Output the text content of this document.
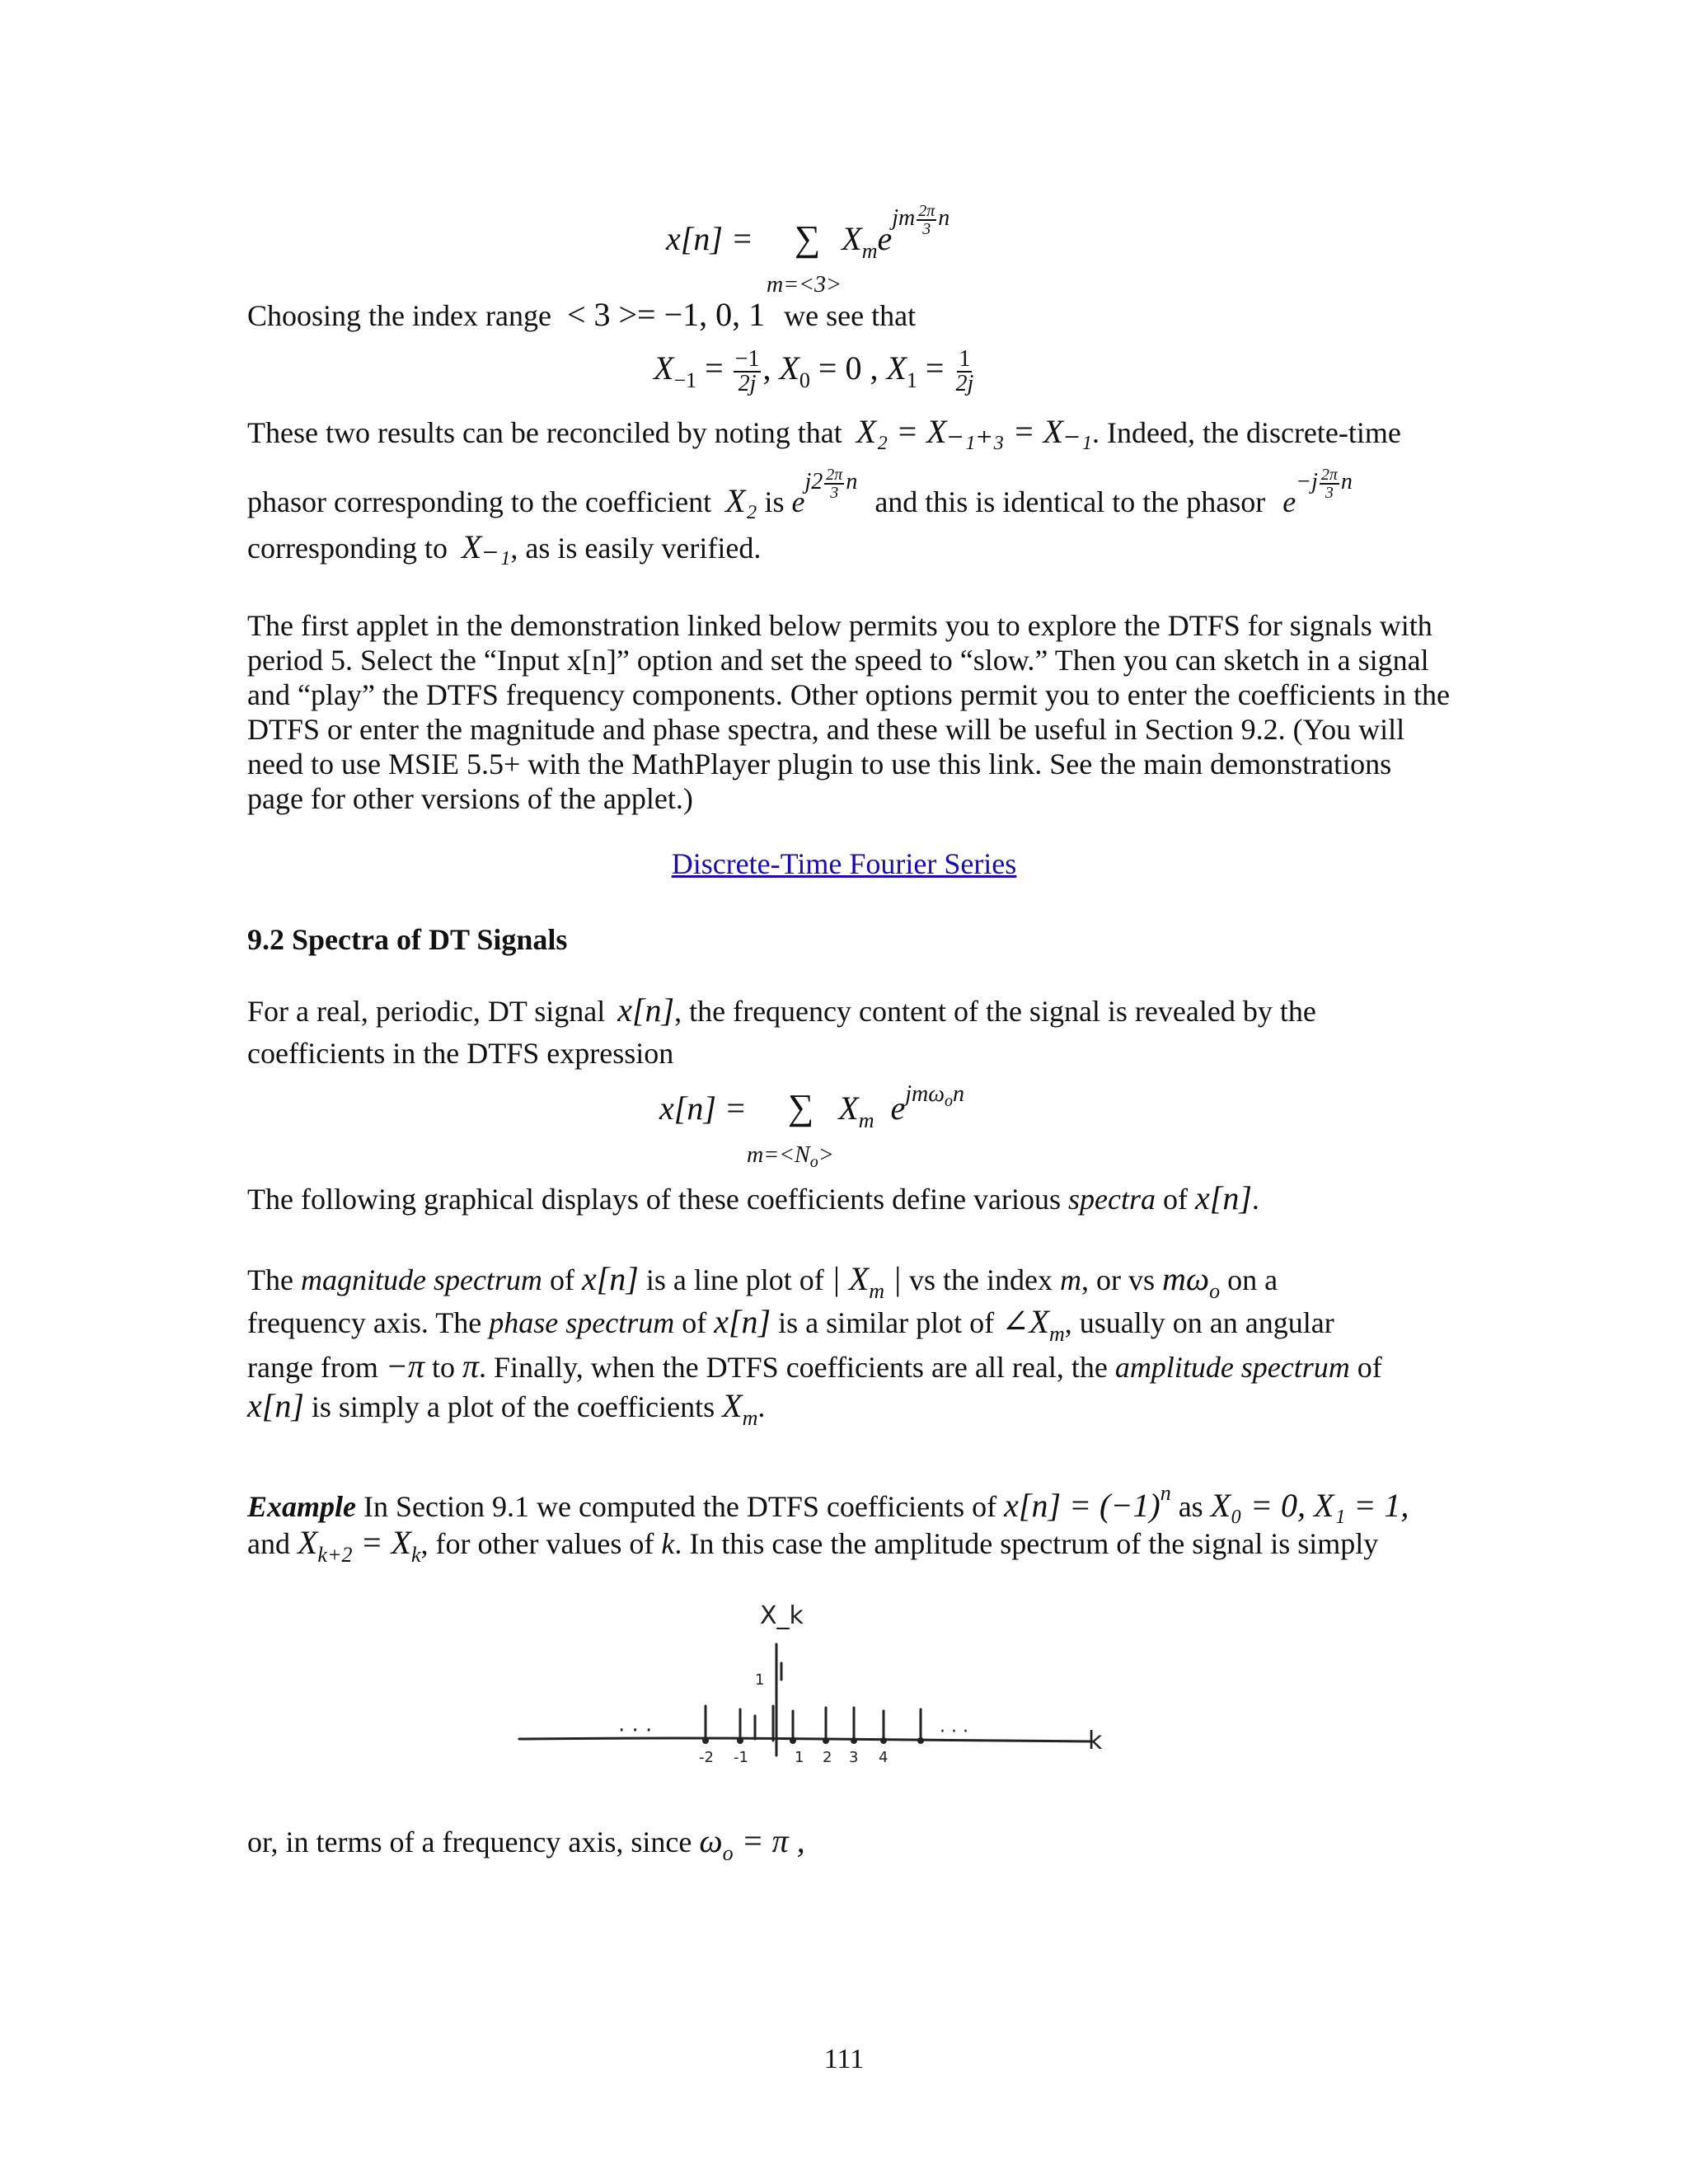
x[n] = ∑ $X_me^{jm \frac{2\pi}{3} n}$
m=<3>
Choosing the index range < 3 >= −1, 0, 1 we see that
$X_{-1} = \frac{-1}{2j}$ , $X_0 = 0$ , $X_1 = \frac{1}{2j}$
These two results can be reconciled by noting that X₂ = X₋₁₊₃ = X₋₁. Indeed, the discrete-time
phasor corresponding to the coefficient X₂ is $e^{j2 \frac{2\pi}{3} n}$ and this is identical to the phasor $e^{-j \frac{2\pi}{3} n}$
corresponding to X₋₁, as is easily verified.
The first applet in the demonstration linked below permits you to explore the DTFS for signals with period 5. Select the “Input x[n]” option and set the speed to “slow.” Then you can sketch in a signal and “play” the DTFS frequency components. Other options permit you to enter the coefficients in the DTFS or enter the magnitude and phase spectra, and these will be useful in Section 9.2. (You will need to use MSIE 5.5+ with the MathPlayer plugin to use this link. See the main demonstrations page for other versions of the applet.)
Discrete-Time Fourier Series
9.2 Spectra of DT Signals
For a real, periodic, DT signal x[n], the frequency content of the signal is revealed by the
coefficients in the DTFS expression
x[n] = ∑ $X_m$ $e^{jm\omega_on}$
$m=<N_o>$
The following graphical displays of these coefficients define various spectra of x[n].
The magnitude spectrum of x[n] is a line plot of | $X_m$ | vs the index m, or vs $m\omega_o$ on a
frequency axis. The phase spectrum of x[n] is a similar plot of $\angle X_m$, usually on an angular
range from −π to π. Finally, when the DTFS coefficients are all real, the amplitude spectrum of
x[n] is simply a plot of the coefficients $X_m$.
Example In Section 9.1 we computed the DTFS coefficients of $x[n] = (-1)^n$ as X₀ = 0, X₁ = 1,
and $X_{k+2} = X_k$, for other values of k. In this case the amplitude spectrum of the signal is simply
X_k
k
1
· · ·	· · ·
-2 -1	1 2 3 4
or, in terms of a frequency axis, since $\omega_o = \pi$ ,
111
